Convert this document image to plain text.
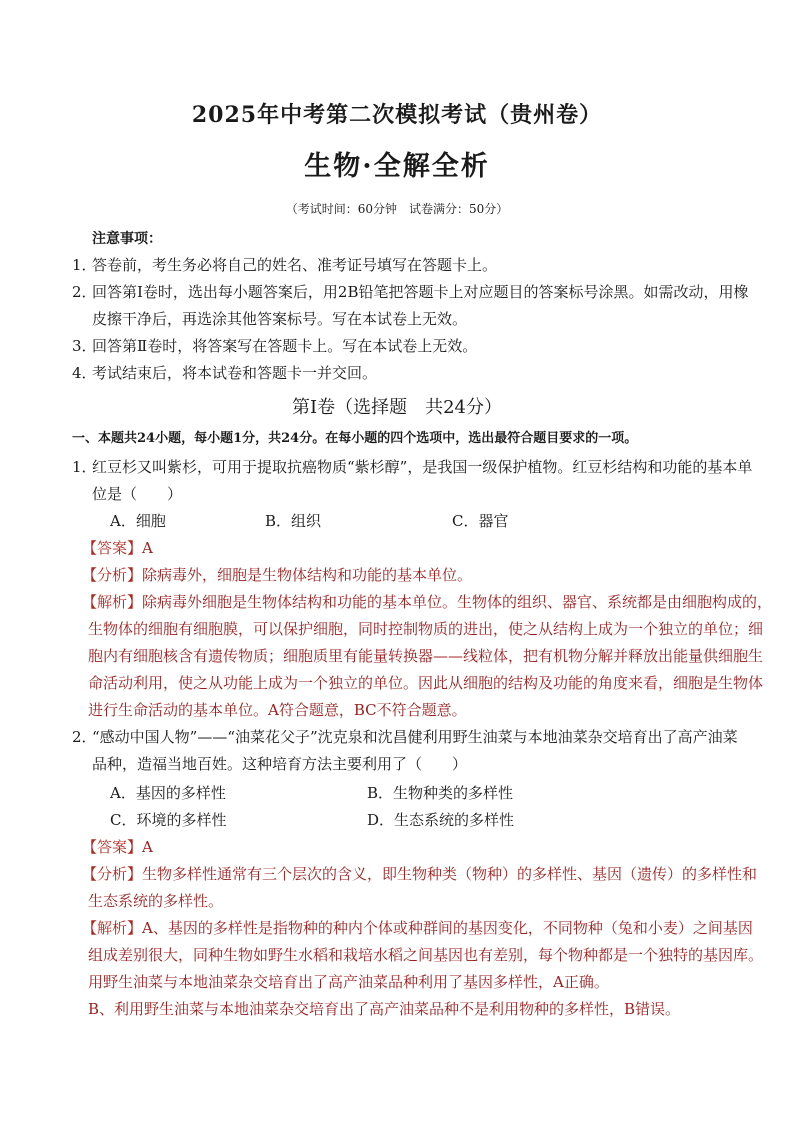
2025年中考第二次模拟考试（贵州卷）
生物·全解全析
（考试时间：60分钟　试卷满分：50分）
注意事项：
1．
答卷前，考生务必将自己的姓名、准考证号填写在答题卡上。
2．
回答第Ⅰ卷时，选出每小题答案后，用2B铅笔把答题卡上对应题目的答案标号涂黑。如需改动，用橡
皮擦干净后，再选涂其他答案标号。写在本试卷上无效。
3．
回答第Ⅱ卷时，将答案写在答题卡上。写在本试卷上无效。
4．
考试结束后，将本试卷和答题卡一并交回。
第Ⅰ卷（选择题　共24分）
一、本题共24小题，每小题1分，共24分。在每小题的四个选项中，选出最符合题目要求的一项。
1．
红豆杉又叫紫杉，可用于提取抗癌物质“紫杉醇”，是我国一级保护植物。红豆杉结构和功能的基本单
位是（　　）
A．细胞	B．组织	C．器官
【答案】A
【分析】除病毒外，细胞是生物体结构和功能的基本单位。
【解析】除病毒外细胞是生物体结构和功能的基本单位。生物体的组织、器官、系统都是由细胞构成的，
生物体的细胞有细胞膜，可以保护细胞，同时控制物质的进出，使之从结构上成为一个独立的单位；细
胞内有细胞核含有遗传物质；细胞质里有能量转换器——线粒体，把有机物分解并释放出能量供细胞生
命活动利用，使之从功能上成为一个独立的单位。因此从细胞的结构及功能的角度来看，细胞是生物体
进行生命活动的基本单位。A符合题意，BC不符合题意。
2．
“感动中国人物”——“油菜花父子”沈克泉和沈昌健利用野生油菜与本地油菜杂交培育出了高产油菜
品种，造福当地百姓。这种培育方法主要利用了（　　）
A．基因的多样性	B．生物种类的多样性
C．环境的多样性	D．生态系统的多样性
【答案】A
【分析】生物多样性通常有三个层次的含义，即生物种类（物种）的多样性、基因（遗传）的多样性和
生态系统的多样性。
【解析】A、基因的多样性是指物种的种内个体或种群间的基因变化，不同物种（兔和小麦）之间基因
组成差别很大，同种生物如野生水稻和栽培水稻之间基因也有差别，每个物种都是一个独特的基因库。
用野生油菜与本地油菜杂交培育出了高产油菜品种利用了基因多样性，A正确。
B、利用野生油菜与本地油菜杂交培育出了高产油菜品种不是利用物种的多样性，B错误。
